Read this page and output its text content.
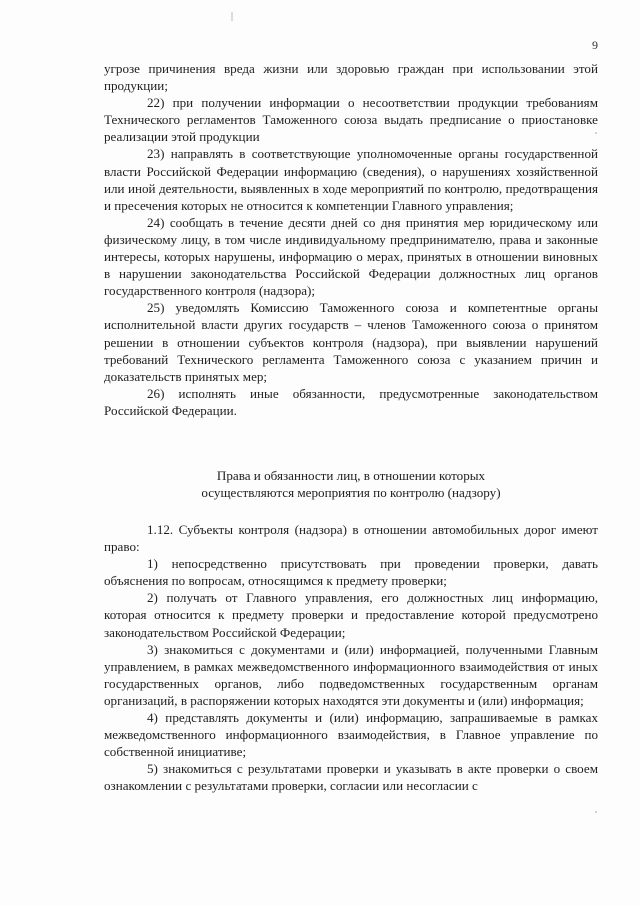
9

угрозе причинения вреда жизни или здоровью граждан при использовании этой продукции;

22) при получении информации о несоответствии продукции требованиям Технического регламентов Таможенного союза выдать предписание о приостановке реализации этой продукции

23) направлять в соответствующие уполномоченные органы государственной власти Российской Федерации информацию (сведения), о нарушениях хозяйственной или иной деятельности, выявленных в ходе мероприятий по контролю, предотвращения и пресечения которых не относится к компетенции Главного управления;

24) сообщать в течение десяти дней со дня принятия мер юридическому или физическому лицу, в том числе индивидуальному предпринимателю, права и законные интересы, которых нарушены, информацию о мерах, принятых в отношении виновных в нарушении законодательства Российской Федерации должностных лиц органов государственного контроля (надзора);

25) уведомлять Комиссию Таможенного союза и компетентные органы исполнительной власти других государств – членов Таможенного союза о принятом решении в отношении субъектов контроля (надзора), при выявлении нарушений требований Технического регламента Таможенного союза с указанием причин и доказательств принятых мер;

26) исполнять иные обязанности, предусмотренные законодательством Российской Федерации.

Права и обязанности лиц, в отношении которых
осуществляются мероприятия по контролю (надзору)

1.12. Субъекты контроля (надзора) в отношении автомобильных дорог имеют право:

1) непосредственно присутствовать при проведении проверки, давать объяснения по вопросам, относящимся к предмету проверки;

2) получать от Главного управления, его должностных лиц информацию, которая относится к предмету проверки и предоставление которой предусмотрено законодательством Российской Федерации;

3) знакомиться с документами и (или) информацией, полученными Главным управлением, в рамках межведомственного информационного взаимодействия от иных государственных органов, либо подведомственных государственным органам организаций, в распоряжении которых находятся эти документы и (или) информация;

4) представлять документы и (или) информацию, запрашиваемые в рамках межведомственного информационного взаимодействия, в Главное управление по собственной инициативе;

5) знакомиться с результатами проверки и указывать в акте проверки о своем ознакомлении с результатами проверки, согласии или несогласии с
